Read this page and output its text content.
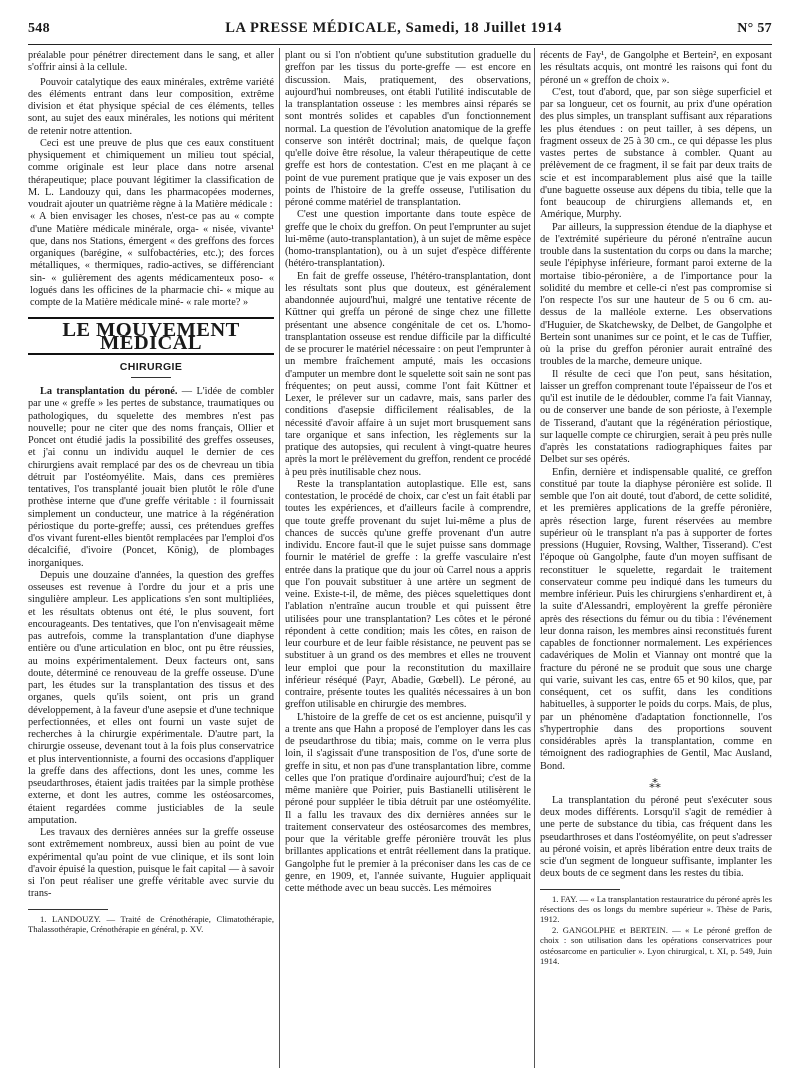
548	LA PRESSE MÉDICALE, Samedi, 18 Juillet 1914	N° 57

préalable pour pénétrer directement dans le sang, et aller s'offrir ainsi à la cellule.

Pouvoir catalytique des eaux minérales, extrême variété des éléments entrant dans leur composition, extrême division et état physique spécial de ces éléments, telles sont, au sujet des eaux minérales, les notions qui méritent de retenir notre attention.

Ceci est une preuve de plus que ces eaux constituent physiquement et chimiquement un milieu tout spécial, comme originale est leur place dans notre arsenal thérapeutique; place pouvant légitimer la classification de M. L. Landouzy qui, dans les pharmacopées modernes, voudrait ajouter un quatrième règne à la Matière médicale :

« A bien envisager les choses, n'est-ce pas au « compte d'une Matière médicale minérale, orga- « nisée, vivante¹ que, dans nos Stations, émergent « des greffons des forces organiques (barégine, « sulfobactéries, etc.); des forces métalliques, « thermiques, radio-actives, se différenciant sin- « gulièrement des agents médicamenteux poso- « logués dans les officines de la pharmacie chi- « mique au compte de la Matière médicale miné- « rale morte? »

LE MOUVEMENT MÉDICAL
CHIRURGIE

La transplantation du péroné. — L'idée de combler par une « greffe » les pertes de substance, traumatiques ou pathologiques, du squelette des membres n'est pas nouvelle; pour ne citer que des noms français, Ollier et Poncet ont étudié jadis la possibilité des greffes osseuses, et j'ai connu un individu auquel le dernier de ces chirurgiens avait remplacé par des os de chevreau un tibia détruit par l'ostéomyélite. Mais, dans ces premières tentatives, l'os transplanté jouait bien plutôt le rôle d'une prothèse interne que d'une greffe véritable : il fournissait simplement un conducteur, une matrice à la régénération périostique du porte-greffe; aussi, ces prétendues greffes d'os vivant furent-elles bientôt remplacées par l'emploi d'os décalcifié, d'ivoire (Poncet, König), de plombages inorganiques.

Depuis une douzaine d'années, la question des greffes osseuses est revenue à l'ordre du jour et a pris une singulière ampleur. Les applications s'en sont multipliées, et les résultats obtenus ont été, le plus souvent, fort encourageants. Des tentatives, que l'on n'envisageait même pas autrefois, comme la transplantation d'une diaphyse entière ou d'une articulation en bloc, ont pu être réussies, au moins expérimentalement. Deux facteurs ont, sans doute, déterminé ce renouveau de la greffe osseuse. D'une part, les études sur la transplantation des tissus et des organes, quels qu'ils soient, ont pris un grand développement, à la faveur d'une asepsie et d'une technique perfectionnées, et elles ont fourni un vaste sujet de recherches à la chirurgie expérimentale. D'autre part, la chirurgie osseuse, devenant tout à la fois plus conservatrice et plus interventionniste, a fourni des occasions d'appliquer la greffe dans des affections, dont les unes, comme les pseudarthroses, étaient jadis traitées par la simple prothèse externe, et dont les autres, comme les ostéosarcomes, étaient regardées comme justiciables de la seule amputation.

Les travaux des dernières années sur la greffe osseuse sont extrêmement nombreux, aussi bien au point de vue expérimental qu'au point de vue clinique, et ils sont loin d'avoir épuisé la question, puisque le fait capital — à savoir si l'on peut réaliser une greffe véritable avec survie du trans-

1. LANDOUZY. — Traité de Crénothérapie, Climatothérapie, Thalassothérapie, Crénothérapie en général, p. XV.

plant ou si l'on n'obtient qu'une substitution graduelle du greffon par les tissus du porte-greffe — est encore en discussion. Mais, pratiquement, des observations, aujourd'hui nombreuses, ont établi l'utilité indiscutable de la transplantation osseuse : les membres ainsi réparés se sont montrés solides et capables d'un fonctionnement normal. La question de l'évolution anatomique de la greffe conserve son intérêt doctrinal; mais, de quelque façon qu'elle doive être résolue, la valeur thérapeutique de cette greffe est hors de contestation. C'est en me plaçant à ce point de vue purement pratique que je vais exposer un des points de l'histoire de la greffe osseuse, l'utilisation du péroné comme matériel de transplantation.

C'est une question importante dans toute espèce de greffe que le choix du greffon. On peut l'emprunter au sujet lui-même (auto-transplantation), à un sujet de même espèce (homo-transplantation), ou à un sujet d'espèce différente (hétéro-transplantation).

En fait de greffe osseuse, l'hétéro-transplantation, dont les résultats sont plus que douteux, est généralement abandonnée aujourd'hui, malgré une tentative récente de Küttner qui greffa un péroné de singe chez une fillette présentant une absence congénitale de cet os. L'homo-transplantation osseuse est rendue difficile par la difficulté de se procurer le matériel nécessaire : on peut l'emprunter à un membre fraîchement amputé, mais les occasions d'amputer un membre dont le squelette soit sain ne sont pas fréquentes; on peut aussi, comme l'ont fait Küttner et Lexer, le prélever sur un cadavre, mais, sans parler des conditions d'asepsie difficilement réalisables, de la nécessité d'avoir affaire à un sujet mort brusquement sans tare organique et sans infection, les règlements sur la pratique des autopsies, qui reculent à vingt-quatre heures après la mort le prélèvement du greffon, rendent ce procédé à peu près inutilisable chez nous.

Reste la transplantation autoplastique. Elle est, sans contestation, le procédé de choix, car c'est un fait établi par toutes les expériences, et d'ailleurs facile à comprendre, que toute greffe provenant du sujet lui-même a plus de chances de succès qu'une greffe provenant d'un autre individu. Encore faut-il que le sujet puisse sans dommage fournir le matériel de greffe : la greffe vasculaire n'est entrée dans la pratique que du jour où Carrel nous a appris que l'on pouvait substituer à une artère un segment de veine. Existe-t-il, de même, des pièces squelettiques dont l'ablation n'entraîne aucun trouble et qui puissent être utilisées pour une transplantation? Les côtes et le péroné répondent à cette condition; mais les côtes, en raison de leur courbure et de leur faible résistance, ne peuvent pas se substituer à un grand os des membres et elles ne trouvent leur emploi que pour la reconstitution du maxillaire inférieur réséqué (Payr, Abadie, Gœbell). Le péroné, au contraire, présente toutes les qualités nécessaires à un bon greffon utilisable en chirurgie des membres.

L'histoire de la greffe de cet os est ancienne, puisqu'il y a trente ans que Hahn a proposé de l'employer dans les cas de pseudarthrose du tibia; mais, comme on le verra plus loin, il s'agissait d'une transposition de l'os, d'une sorte de greffe in situ, et non pas d'une transplantation libre, comme celles que l'on pratique d'ordinaire aujourd'hui; c'est de la même manière que Poirier, puis Bastianelli utilisèrent le péroné pour suppléer le tibia détruit par une ostéomyélite. Il a fallu les travaux des dix dernières années sur le traitement conservateur des ostéosarcomes des membres, pour que la véritable greffe péronière trouvât les plus brillantes applications et entrât réellement dans la pratique. Gangolphe fut le premier à la préconiser dans les cas de ce genre, en 1909, et, l'année suivante, Huguier appliquait cette méthode avec un beau succès. Les mémoires

récents de Fay¹, de Gangolphe et Bertein², en exposant les résultats acquis, ont montré les raisons qui font du péroné un « greffon de choix ».

C'est, tout d'abord, que, par son siège superficiel et par sa longueur, cet os fournit, au prix d'une opération des plus simples, un transplant suffisant aux réparations les plus étendues : on peut tailler, à ses dépens, un fragment osseux de 25 à 30 cm., ce qui dépasse les plus vastes pertes de substance à combler. Quant au prélèvement de ce fragment, il se fait par deux traits de scie et est incomparablement plus aisé que la taille d'une baguette osseuse aux dépens du tibia, telle que la font beaucoup de chirurgiens allemands et, en Amérique, Murphy.

Par ailleurs, la suppression étendue de la diaphyse et de l'extrémité supérieure du péroné n'entraîne aucun trouble dans la sustentation du corps ou dans la marche; seule l'épiphyse inférieure, formant paroi externe de la mortaise tibio-péronière, a de l'importance pour la solidité du membre et celle-ci n'est pas compromise si l'on respecte l'os sur une hauteur de 5 ou 6 cm. au-dessus de la malléole externe. Les observations d'Huguier, de Skatchewsky, de Delbet, de Gangolphe et Bertein sont unanimes sur ce point, et le cas de Tuffier, où la prise du greffon péronier aurait entraîné des troubles de la marche, demeure unique.

Il résulte de ceci que l'on peut, sans hésitation, laisser un greffon comprenant toute l'épaisseur de l'os et qu'il est inutile de le dédoubler, comme l'a fait Viannay, ou de conserver une bande de son périoste, à l'exemple de Tisserand, d'autant que la régénération périostique, sur laquelle compte ce chirurgien, serait à peu près nulle d'après les constatations radiographiques faites par Delbet sur ses opérés.

Enfin, dernière et indispensable qualité, ce greffon constitué par toute la diaphyse péronière est solide. Il semble que l'on ait douté, tout d'abord, de cette solidité, et les premières applications de la greffe péronière, après résection large, furent réservées au membre supérieur où le transplant n'a pas à supporter de fortes pressions (Huguier, Rovsing, Walther, Tisserand). C'est l'époque où Gangolphe, faute d'un moyen suffisant de reconstituer le squelette, regardait le traitement conservateur comme peu indiqué dans les tumeurs du membre inférieur. Puis les chirurgiens s'enhardirent et, à la suite d'Alessandri, employèrent la greffe péronière après des résections du fémur ou du tibia : l'événement leur donna raison, les membres ainsi reconstitués furent capables de fonctionner normalement. Les expériences cadavériques de Molin et Viannay ont montré que la fracture du péroné ne se produit que sous une charge qui varie, suivant les cas, entre 65 et 90 kilos, que, par conséquent, cet os suffit, dans les conditions habituelles, à supporter le poids du corps. Mais, de plus, par un phénomène d'adaptation fonctionnelle, l'os s'hypertrophie dans des proportions souvent considérables après la transplantation, comme en témoignent des radiographies de Gentil, Mac Ausland, Bond.

⁂

La transplantation du péroné peut s'exécuter sous deux modes différents. Lorsqu'il s'agit de remédier à une perte de substance du tibia, cas fréquent dans les pseudarthroses et dans l'ostéomyélite, on peut s'adresser au péroné voisin, et après libération entre deux traits de scie d'un segment de longueur suffisante, implanter les deux bouts de ce segment dans les restes du tibia.

1. FAY. — « La transplantation restauratrice du péroné après les résections des os longs du membre supérieur ». Thèse de Paris, 1912.

2. GANGOLPHE et BERTEIN. — « Le péroné greffon de choix : son utilisation dans les opérations conservatrices pour ostéosarcome en particulier ». Lyon chirurgical, t. XI, p. 549, Juin 1914.
